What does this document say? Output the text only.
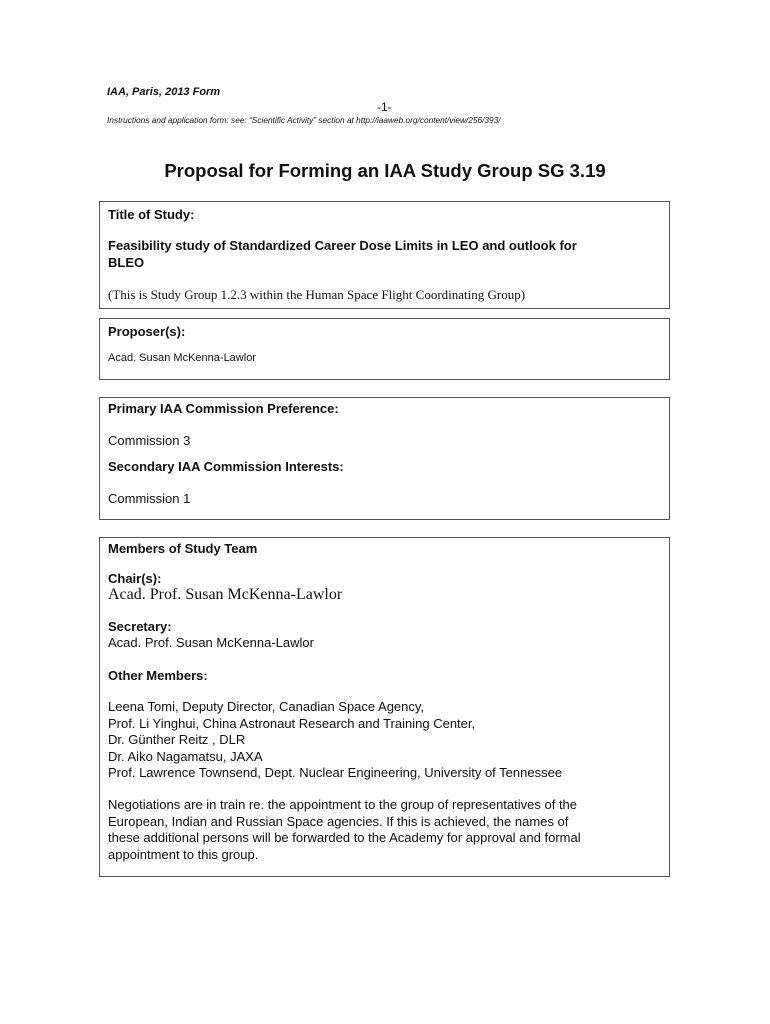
IAA, Paris, 2013 Form
-1-
Instructions and application form: see: “Scientific Activity” section at http://iaaweb.org/content/view/256/393/
Proposal for Forming an IAA Study Group SG 3.19
Title of Study:
Feasibility study of Standardized Career Dose Limits in LEO and outlook for
BLEO
(This is Study Group 1.2.3 within the Human Space Flight Coordinating Group)
Proposer(s):
Acad. Susan McKenna-Lawlor
Primary IAA Commission Preference:
Commission 3
Secondary IAA Commission Interests:
Commission 1
Members of Study Team
Chair(s):
Acad. Prof. Susan McKenna-Lawlor
Secretary:
Acad. Prof. Susan McKenna-Lawlor
Other Members:
Leena Tomi, Deputy Director, Canadian Space Agency,
Prof. Li Yinghui, China Astronaut Research and Training Center,
Dr. Günther Reitz , DLR
Dr. Aiko Nagamatsu, JAXA
Prof. Lawrence Townsend, Dept. Nuclear Engineering, University of Tennessee
Negotiations are in train re. the appointment to the group of representatives of the
European, Indian and Russian Space agencies. If this is achieved, the names of
these additional persons will be forwarded to the Academy for approval and formal
appointment to this group.
